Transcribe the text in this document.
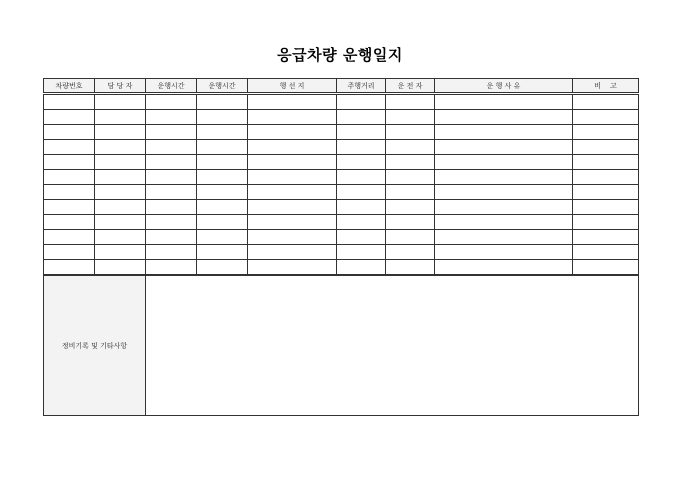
응급차량 운행일지
차량번호	담 당 자	운행시간	운행시간	행 선 지	주행거리	운 전 자	운 행 사 유	비    고

정비기록 및 기타사항								
